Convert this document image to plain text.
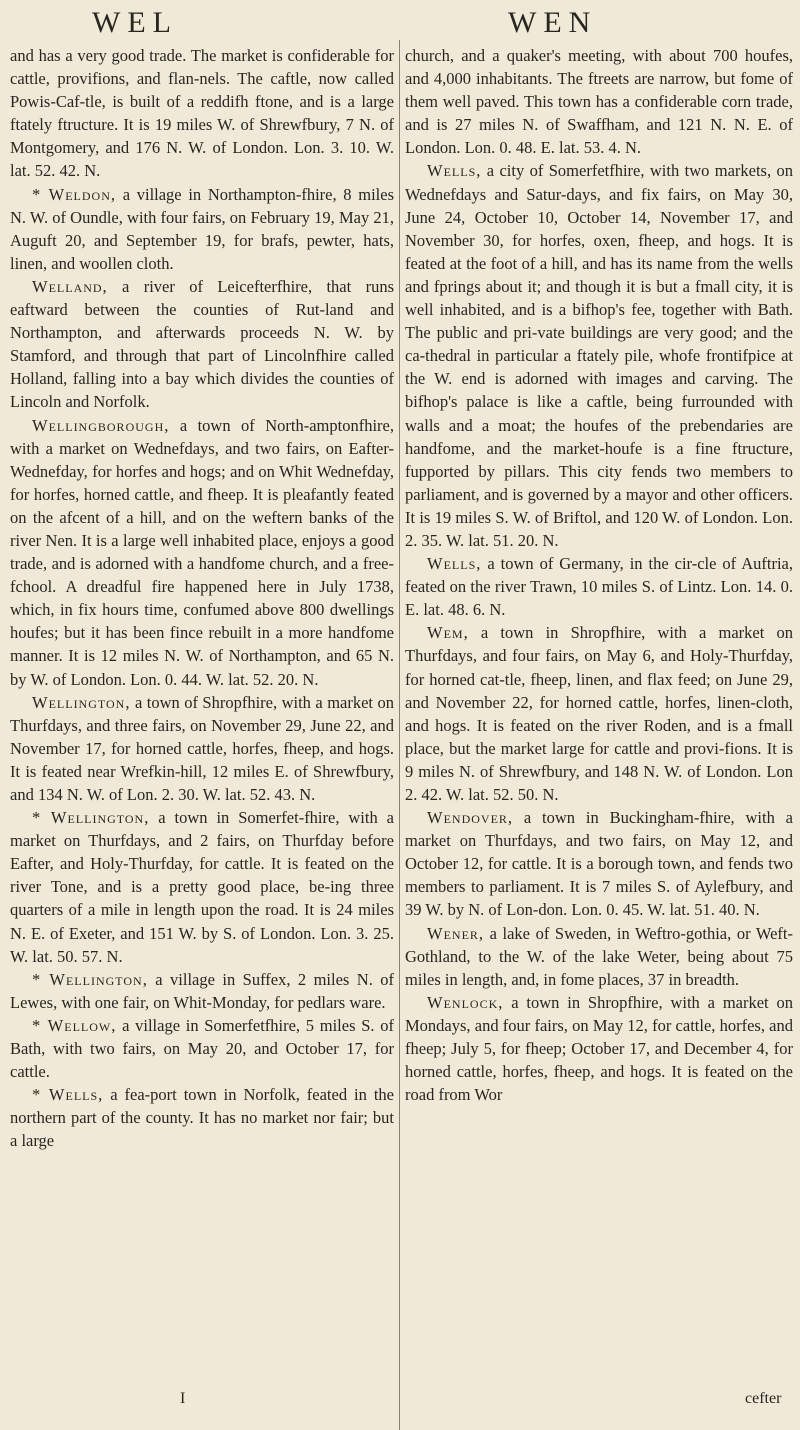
WEL	WEN

and has a very good trade. The market is confiderable for cattle, provifions, and flan-nels. The caftle, now called Powis-Caf-tle, is built of a reddifh ftone, and is a large ftately ftructure. It is 19 miles W. of Shrewfbury, 7 N. of Montgomery, and 176 N. W. of London. Lon. 3. 10. W. lat. 52. 42. N.

* Weldon, a village in Northampton-fhire, 8 miles N. W. of Oundle, with four fairs, on February 19, May 21, Auguft 20, and September 19, for brafs, pewter, hats, linen, and woollen cloth.

Welland, a river of Leicefterfhire, that runs eaftward between the counties of Rut-land and Northampton, and afterwards proceeds N. W. by Stamford, and through that part of Lincolnfhire called Holland, falling into a bay which divides the counties of Lincoln and Norfolk.

Wellingborough, a town of North-amptonfhire, with a market on Wednefdays, and two fairs, on Eafter-Wednefday, for horfes and hogs; and on Whit Wednefday, for horfes, horned cattle, and fheep. It is pleafantly feated on the afcent of a hill, and on the weftern banks of the river Nen. It is a large well inhabited place, enjoys a good trade, and is adorned with a handfome church, and a free-fchool. A dreadful fire happened here in July 1738, which, in fix hours time, confumed above 800 dwellings houfes; but it has been fince rebuilt in a more handfome manner. It is 12 miles N. W. of Northampton, and 65 N. by W. of London. Lon. 0. 44. W. lat. 52. 20. N.

Wellington, a town of Shropfhire, with a market on Thurfdays, and three fairs, on November 29, June 22, and November 17, for horned cattle, horfes, fheep, and hogs. It is feated near Wrefkin-hill, 12 miles E. of Shrewfbury, and 134 N. W. of Lon. 2. 30. W. lat. 52. 43. N.

* Wellington, a town in Somerfet-fhire, with a market on Thurfdays, and 2 fairs, on Thurfday before Eafter, and Holy-Thurfday, for cattle. It is feated on the river Tone, and is a pretty good place, be-ing three quarters of a mile in length upon the road. It is 24 miles N. E. of Exeter, and 151 W. by S. of London. Lon. 3. 25. W. lat. 50. 57. N.

* Wellington, a village in Suffex, 2 miles N. of Lewes, with one fair, on Whit-Monday, for pedlars ware.

* Wellow, a village in Somerfetfhire, 5 miles S. of Bath, with two fairs, on May 20, and October 17, for cattle.

* Wells, a fea-port town in Norfolk, feated in the northern part of the county. It has no market nor fair; but a large

church, and a quaker's meeting, with about 700 houfes, and 4,000 inhabitants. The ftreets are narrow, but fome of them well paved. This town has a confiderable corn trade, and is 27 miles N. of Swaffham, and 121 N. N. E. of London. Lon. 0. 48. E. lat. 53. 4. N.

Wells, a city of Somerfetfhire, with two markets, on Wednefdays and Satur-days, and fix fairs, on May 30, June 24, October 10, October 14, November 17, and November 30, for horfes, oxen, fheep, and hogs. It is feated at the foot of a hill, and has its name from the wells and fprings about it; and though it is but a fmall city, it is well inhabited, and is a bifhop's fee, together with Bath. The public and pri-vate buildings are very good; and the ca-thedral in particular a ftately pile, whofe frontifpice at the W. end is adorned with images and carving. The bifhop's palace is like a caftle, being furrounded with walls and a moat; the houfes of the prebendaries are handfome, and the market-houfe is a fine ftructure, fupported by pillars. This city fends two members to parliament, and is governed by a mayor and other officers. It is 19 miles S. W. of Briftol, and 120 W. of London. Lon. 2. 35. W. lat. 51. 20. N.

Wells, a town of Germany, in the cir-cle of Auftria, feated on the river Trawn, 10 miles S. of Lintz. Lon. 14. 0. E. lat. 48. 6. N.

Wem, a town in Shropfhire, with a market on Thurfdays, and four fairs, on May 6, and Holy-Thurfday, for horned cat-tle, fheep, linen, and flax feed; on June 29, and November 22, for horned cattle, horfes, linen-cloth, and hogs. It is feated on the river Roden, and is a fmall place, but the market large for cattle and provi-fions. It is 9 miles N. of Shrewfbury, and 148 N. W. of London. Lon 2. 42. W. lat. 52. 50. N.

Wendover, a town in Buckingham-fhire, with a market on Thurfdays, and two fairs, on May 12, and October 12, for cattle. It is a borough town, and fends two members to parliament. It is 7 miles S. of Aylefbury, and 39 W. by N. of Lon-don. Lon. 0. 45. W. lat. 51. 40. N.

Wener, a lake of Sweden, in Weftro-gothia, or Weft-Gothland, to the W. of the lake Weter, being about 75 miles in length, and, in fome places, 37 in breadth.

Wenlock, a town in Shropfhire, with a market on Mondays, and four fairs, on May 12, for cattle, horfes, and fheep; July 5, for fheep; October 17, and December 4, for horned cattle, horfes, fheep, and hogs. It is feated on the road from Wor

I	cefter
